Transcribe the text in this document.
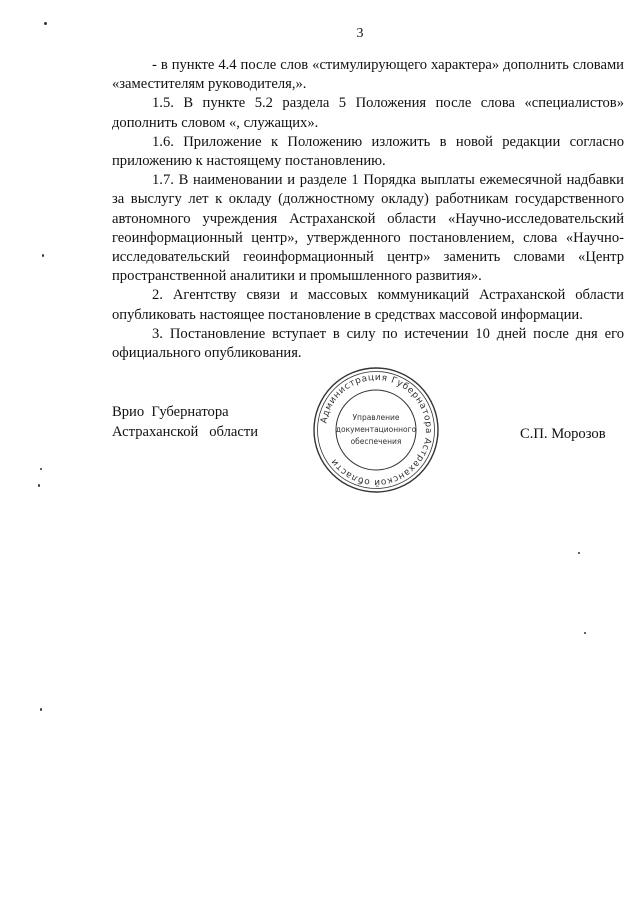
3

- в пункте 4.4 после слов «стимулирующего характера» дополнить словами «заместителям руководителя,».

1.5. В пункте 5.2 раздела 5 Положения после слова «специалистов» дополнить словом «, служащих».

1.6. Приложение к Положению изложить в новой редакции согласно приложению к настоящему постановлению.

1.7. В наименовании и разделе 1 Порядка выплаты ежемесячной надбавки за выслугу лет к окладу (должностному окладу) работникам государственного автономного учреждения Астраханской области «Научно-исследовательский геоинформационный центр», утвержденного постановлением, слова «Научно-исследовательский геоинформационный центр» заменить словами «Центр пространственной аналитики и промышленного развития».

2. Агентству связи и массовых коммуникаций Астраханской области опубликовать настоящее постановление в средствах массовой информации.

3. Постановление вступает в силу по истечении 10 дней после дня его официального опубликования.

Врио  Губернатора
Астраханской   области	С.П. Морозов
Администрация Губернатора Астраханской области
Управление
документационного
обеспечения
